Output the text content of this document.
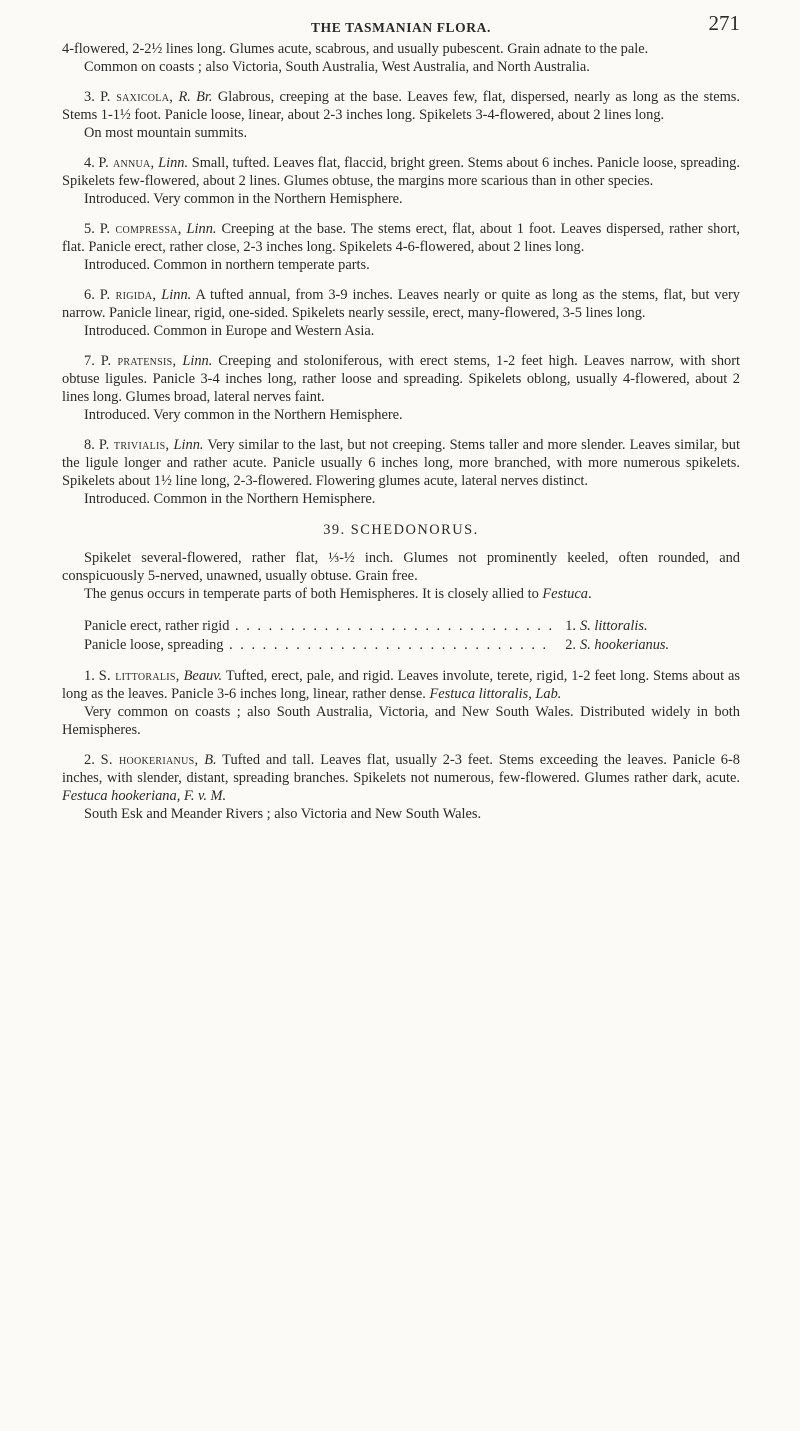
THE TASMANIAN FLORA.	271

4-flowered, 2-2½ lines long. Glumes acute, scabrous, and usually pubescent. Grain adnate to the pale.

Common on coasts ; also Victoria, South Australia, West Australia, and North Australia.

3. P. saxicola, R. Br. Glabrous, creeping at the base. Leaves few, flat, dispersed, nearly as long as the stems. Stems 1-1½ foot. Panicle loose, linear, about 2-3 inches long. Spikelets 3-4-flowered, about 2 lines long.

On most mountain summits.

4. P. annua, Linn. Small, tufted. Leaves flat, flaccid, bright green. Stems about 6 inches. Panicle loose, spreading. Spikelets few-flowered, about 2 lines. Glumes obtuse, the margins more scarious than in other species.

Introduced. Very common in the Northern Hemisphere.

5. P. compressa, Linn. Creeping at the base. The stems erect, flat, about 1 foot. Leaves dispersed, rather short, flat. Panicle erect, rather close, 2-3 inches long. Spikelets 4-6-flowered, about 2 lines long.

Introduced. Common in northern temperate parts.

6. P. rigida, Linn. A tufted annual, from 3-9 inches. Leaves nearly or quite as long as the stems, flat, but very narrow. Panicle linear, rigid, one-sided. Spikelets nearly sessile, erect, many-flowered, 3-5 lines long.

Introduced. Common in Europe and Western Asia.

7. P. pratensis, Linn. Creeping and stoloniferous, with erect stems, 1-2 feet high. Leaves narrow, with short obtuse ligules. Panicle 3-4 inches long, rather loose and spreading. Spikelets oblong, usually 4-flowered, about 2 lines long. Glumes broad, lateral nerves faint.

Introduced. Very common in the Northern Hemisphere.

8. P. trivialis, Linn. Very similar to the last, but not creeping. Stems taller and more slender. Leaves similar, but the ligule longer and rather acute. Panicle usually 6 inches long, more branched, with more numerous spikelets. Spikelets about 1½ line long, 2-3-flowered. Flowering glumes acute, lateral nerves distinct.

Introduced. Common in the Northern Hemisphere.

39. SCHEDONORUS.

Spikelet several-flowered, rather flat, ⅓-½ inch. Glumes not prominently keeled, often rounded, and conspicuously 5-nerved, unawned, usually obtuse. Grain free.

The genus occurs in temperate parts of both Hemispheres. It is closely allied to Festuca.

Panicle erect, rather rigid . . .	1. S. littoralis.
Panicle loose, spreading . . .	2. S. hookerianus.

1. S. littoralis, Beauv. Tufted, erect, pale, and rigid. Leaves involute, terete, rigid, 1-2 feet long. Stems about as long as the leaves. Panicle 3-6 inches long, linear, rather dense. Festuca littoralis, Lab.

Very common on coasts ; also South Australia, Victoria, and New South Wales. Distributed widely in both Hemispheres.

2. S. hookerianus, B. Tufted and tall. Leaves flat, usually 2-3 feet. Stems exceeding the leaves. Panicle 6-8 inches, with slender, distant, spreading branches. Spikelets not numerous, few-flowered. Glumes rather dark, acute. Festuca hookeriana, F. v. M.

South Esk and Meander Rivers ; also Victoria and New South Wales.
